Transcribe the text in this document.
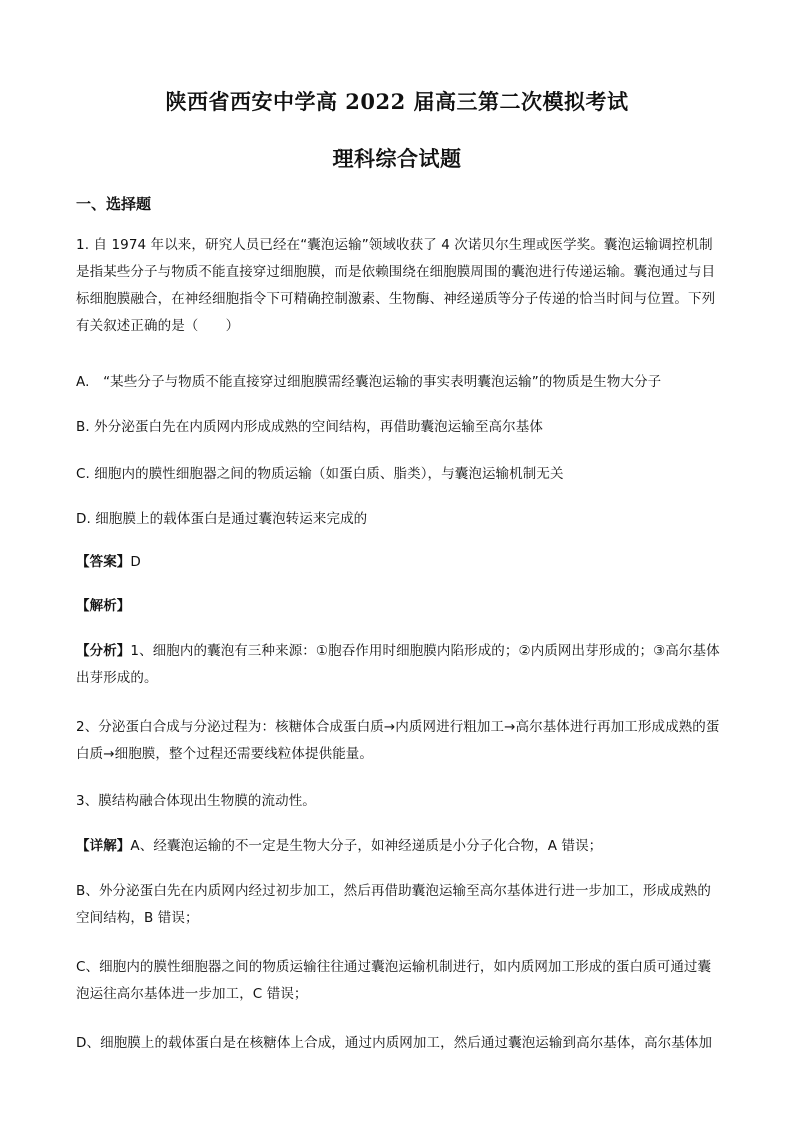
陕西省西安中学高 2022 届高三第二次模拟考试
理科综合试题
一、选择题
1. 自 1974 年以来，研究人员已经在“囊泡运输”领域收获了 4 次诺贝尔生理或医学奖。囊泡运输调控机制是指某些分子与物质不能直接穿过细胞膜，而是依赖围绕在细胞膜周围的囊泡进行传递运输。囊泡通过与目标细胞膜融合，在神经细胞指令下可精确控制激素、生物酶、神经递质等分子传递的恰当时间与位置。下列有关叙述正确的是（　　）
A.　“某些分子与物质不能直接穿过细胞膜需经囊泡运输的事实表明囊泡运输”的物质是生物大分子
B. 外分泌蛋白先在内质网内形成成熟的空间结构，再借助囊泡运输至高尔基体
C. 细胞内的膜性细胞器之间的物质运输（如蛋白质、脂类），与囊泡运输机制无关
D. 细胞膜上的载体蛋白是通过囊泡转运来完成的
【答案】D
【解析】
【分析】1、细胞内的囊泡有三种来源：①胞吞作用时细胞膜内陷形成的；②内质网出芽形成的；③高尔基体出芽形成的。
2、分泌蛋白合成与分泌过程为：核糖体合成蛋白质→内质网进行粗加工→高尔基体进行再加工形成成熟的蛋白质→细胞膜，整个过程还需要线粒体提供能量。
3、膜结构融合体现出生物膜的流动性。
【详解】A、经囊泡运输的不一定是生物大分子，如神经递质是小分子化合物，A 错误；
B、外分泌蛋白先在内质网内经过初步加工，然后再借助囊泡运输至高尔基体进行进一步加工，形成成熟的空间结构，B 错误；
C、细胞内的膜性细胞器之间的物质运输往往通过囊泡运输机制进行，如内质网加工形成的蛋白质可通过囊泡运往高尔基体进一步加工，C 错误；
D、细胞膜上的载体蛋白是在核糖体上合成，通过内质网加工，然后通过囊泡运输到高尔基体，高尔基体加
